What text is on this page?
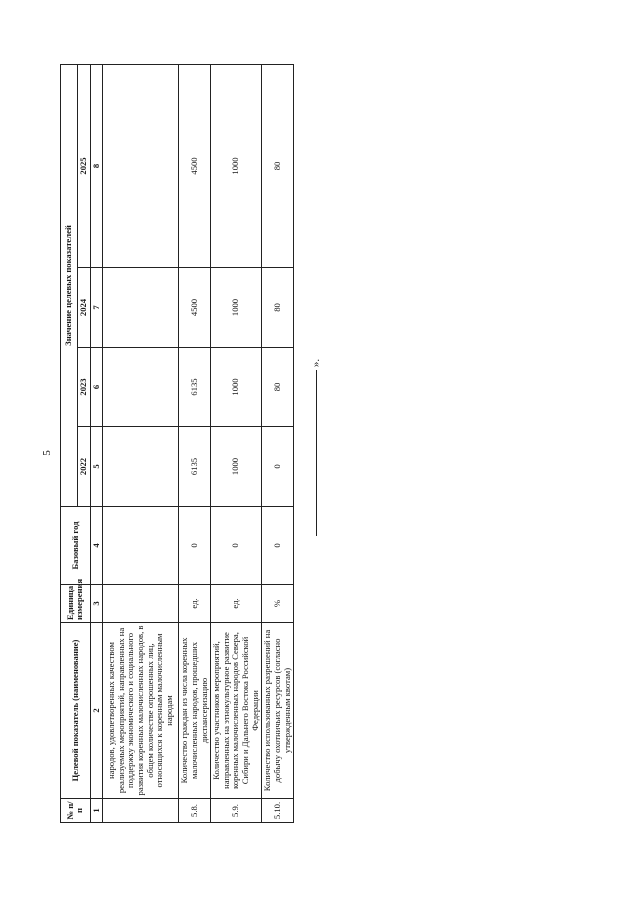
5
№ п/п	Целевой показатель (наименование)	Единица измерения	Базовый год	Значение целевых показателей			
				2022	2023	2024	2025
1	2	3	4	5	6	7	8
	народов, удовлетворенных качеством реализуемых мероприятий, направленных на поддержку экономического и социального развития коренных малочисленных народов, в общем количестве опрошенных лиц, относящихся к коренным малочисленным народам						
5.8.	Количество граждан из числа коренных малочисленных народов, прошедших диспансеризацию	ед.	0	6135	6135	4500	4500
5.9.	Количество участников мероприятий, направленных на этнокультурное развитие коренных малочисленных народов Севера, Сибири и Дальнего Востока Российской Федерации	ед.	0	1000	1000	1000	1000
5.10.	Количество использованных разрешений на добычу охотничьих ресурсов (согласно утвержденным квотам)	%	0	0	80	80	80
».
